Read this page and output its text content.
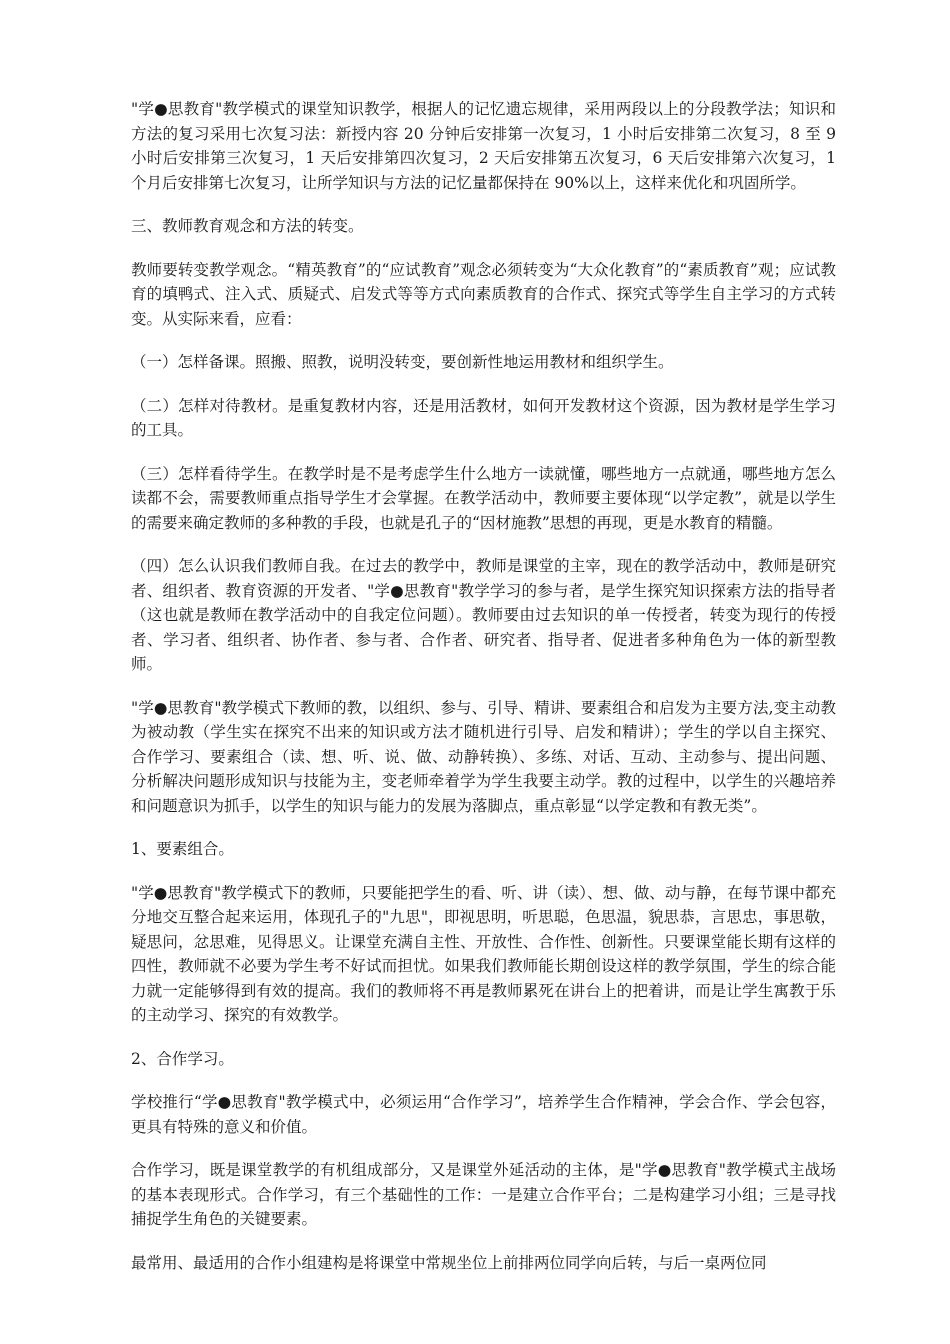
"学●思教育"教学模式的课堂知识教学，根据人的记忆遗忘规律，采用两段以上的分段教学法；知识和方法的复习采用七次复习法：新授内容 20 分钟后安排第一次复习，1 小时后安排第二次复习，8 至 9 小时后安排第三次复习，1 天后安排第四次复习，2 天后安排第五次复习，6 天后安排第六次复习，1 个月后安排第七次复习，让所学知识与方法的记忆量都保持在 90%以上，这样来优化和巩固所学。

三、教师教育观念和方法的转变。

教师要转变教学观念。“精英教育”的“应试教育”观念必须转变为“大众化教育”的“素质教育”观；应试教育的填鸭式、注入式、质疑式、启发式等等方式向素质教育的合作式、探究式等学生自主学习的方式转变。从实际来看，应看：

（一）怎样备课。照搬、照教，说明没转变，要创新性地运用教材和组织学生。

（二）怎样对待教材。是重复教材内容，还是用活教材，如何开发教材这个资源，因为教材是学生学习的工具。

（三）怎样看待学生。在教学时是不是考虑学生什么地方一读就懂，哪些地方一点就通，哪些地方怎么读都不会，需要教师重点指导学生才会掌握。在教学活动中，教师要主要体现“以学定教”，就是以学生的需要来确定教师的多种教的手段，也就是孔子的“因材施教”思想的再现，更是水教育的精髓。

（四）怎么认识我们教师自我。在过去的教学中，教师是课堂的主宰，现在的教学活动中，教师是研究者、组织者、教育资源的开发者、"学●思教育"教学学习的参与者，是学生探究知识探索方法的指导者（这也就是教师在教学活动中的自我定位问题）。教师要由过去知识的单一传授者，转变为现行的传授者、学习者、组织者、协作者、参与者、合作者、研究者、指导者、促进者多种角色为一体的新型教师。

"学●思教育"教学模式下教师的教，以组织、参与、引导、精讲、要素组合和启发为主要方法,变主动教为被动教（学生实在探究不出来的知识或方法才随机进行引导、启发和精讲）；学生的学以自主探究、合作学习、要素组合（读、想、听、说、做、动静转换）、多练、对话、互动、主动参与、提出问题、分析解决问题形成知识与技能为主，变老师牵着学为学生我要主动学。教的过程中，以学生的兴趣培养和问题意识为抓手，以学生的知识与能力的发展为落脚点，重点彰显“以学定教和有教无类”。

1、要素组合。

"学●思教育"教学模式下的教师，只要能把学生的看、听、讲（读）、想、做、动与静，在每节课中都充分地交互整合起来运用，体现孔子的"九思"，即视思明，听思聪，色思温，貌思恭，言思忠，事思敬，疑思问，忿思难，见得思义。让课堂充满自主性、开放性、合作性、创新性。只要课堂能长期有这样的四性，教师就不必要为学生考不好试而担忧。如果我们教师能长期创设这样的教学氛围，学生的综合能力就一定能够得到有效的提高。我们的教师将不再是教师累死在讲台上的把着讲，而是让学生寓教于乐的主动学习、探究的有效教学。

2、合作学习。

学校推行“学●思教育"教学模式中，必须运用“合作学习”，培养学生合作精神，学会合作、学会包容，更具有特殊的意义和价值。

合作学习，既是课堂教学的有机组成部分，又是课堂外延活动的主体，是"学●思教育"教学模式主战场的基本表现形式。合作学习，有三个基础性的工作：一是建立合作平台；二是构建学习小组；三是寻找捕捉学生角色的关键要素。

最常用、最适用的合作小组建构是将课堂中常规坐位上前排两位同学向后转，与后一桌两位同
